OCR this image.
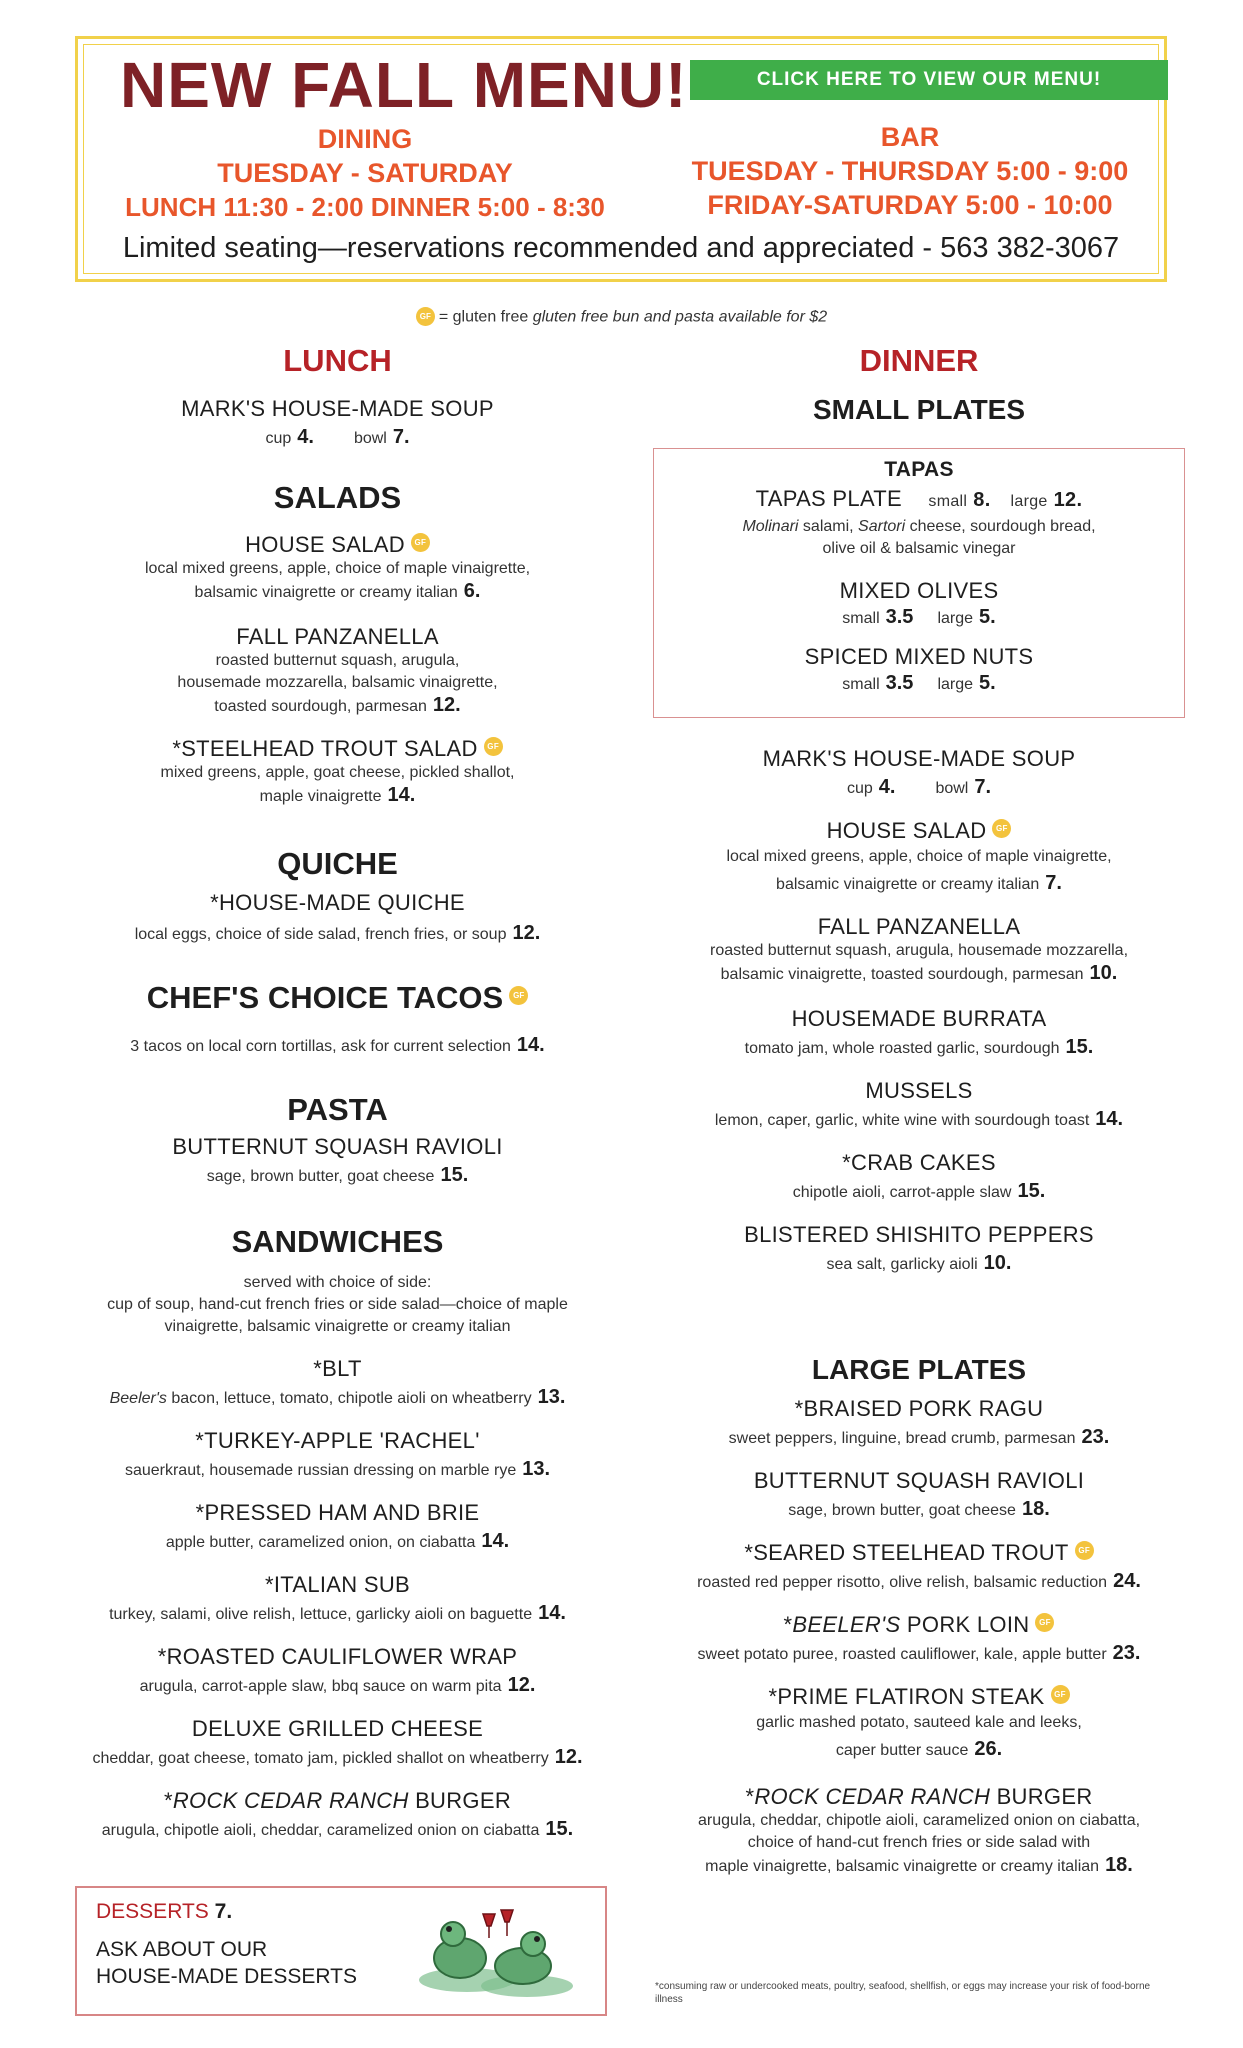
NEW FALL MENU!	CLICK HERE TO VIEW OUR MENU!
DINING
TUESDAY - SATURDAY
LUNCH 11:30 - 2:00 DINNER 5:00 - 8:30
BAR
TUESDAY - THURSDAY 5:00 - 9:00
FRIDAY-SATURDAY 5:00 - 10:00
Limited seating—reservations recommended and appreciated - 563 382-3067
GF = gluten free gluten free bun and pasta available for $2

LUNCH

MARK'S HOUSE-MADE SOUP

cup 4.	bowl 7.

SALADS

HOUSE SALAD GF

local mixed greens, apple, choice of maple vinaigrette,

balsamic vinaigrette or creamy italian 6.

FALL PANZANELLA

roasted butternut squash, arugula,

housemade mozzarella, balsamic vinaigrette,

toasted sourdough, parmesan 12.

*STEELHEAD TROUT SALAD GF

mixed greens, apple, goat cheese, pickled shallot,

maple vinaigrette 14.

QUICHE

*HOUSE-MADE QUICHE

local eggs, choice of side salad, french fries, or soup 12.

CHEF'S CHOICE TACOS GF

3 tacos on local corn tortillas, ask for current selection 14.

PASTA

BUTTERNUT SQUASH RAVIOLI

sage, brown butter, goat cheese 15.

SANDWICHES

served with choice of side:

cup of soup, hand-cut french fries or side salad—choice of maple

vinaigrette, balsamic vinaigrette or creamy italian

*BLT

Beeler's bacon, lettuce, tomato, chipotle aioli on wheatberry 13.

*TURKEY-APPLE 'RACHEL'

sauerkraut, housemade russian dressing on marble rye 13.

*PRESSED HAM AND BRIE

apple butter, caramelized onion, on ciabatta 14.

*ITALIAN SUB

turkey, salami, olive relish, lettuce, garlicky aioli on baguette 14.

*ROASTED CAULIFLOWER WRAP

arugula, carrot-apple slaw, bbq sauce on warm pita 12.

DELUXE GRILLED CHEESE

cheddar, goat cheese, tomato jam, pickled shallot on wheatberry 12.

*ROCK CEDAR RANCH BURGER

arugula, chipotle aioli, cheddar, caramelized onion on ciabatta 15.

DESSERTS 7.
ASK ABOUT OUR
HOUSE-MADE DESSERTS

DINNER

SMALL PLATES

TAPAS

TAPAS PLATE small 8. large 12.

Molinari salami, Sartori cheese, sourdough bread,

olive oil & balsamic vinegar

MIXED OLIVES

small 3.5 large 5.

SPICED MIXED NUTS

small 3.5 large 5.

MARK'S HOUSE-MADE SOUP

cup 4.	bowl 7.

HOUSE SALAD GF

local mixed greens, apple, choice of maple vinaigrette,

balsamic vinaigrette or creamy italian 7.

FALL PANZANELLA

roasted butternut squash, arugula, housemade mozzarella,

balsamic vinaigrette, toasted sourdough, parmesan 10.

HOUSEMADE BURRATA

tomato jam, whole roasted garlic, sourdough 15.

MUSSELS

lemon, caper, garlic, white wine with sourdough toast 14.

*CRAB CAKES

chipotle aioli, carrot-apple slaw 15.

BLISTERED SHISHITO PEPPERS

sea salt, garlicky aioli 10.

LARGE PLATES

*BRAISED PORK RAGU

sweet peppers, linguine, bread crumb, parmesan 23.

BUTTERNUT SQUASH RAVIOLI

sage, brown butter, goat cheese 18.

*SEARED STEELHEAD TROUT GF

roasted red pepper risotto, olive relish, balsamic reduction 24.

*BEELER'S PORK LOIN GF

sweet potato puree, roasted cauliflower, kale, apple butter 23.

*PRIME FLATIRON STEAK GF

garlic mashed potato, sauteed kale and leeks,

caper butter sauce 26.

*ROCK CEDAR RANCH BURGER

arugula, cheddar, chipotle aioli, caramelized onion on ciabatta,

choice of hand-cut french fries or side salad with

maple vinaigrette, balsamic vinaigrette or creamy italian 18.

*consuming raw or undercooked meats, poultry, seafood, shellfish, or eggs may increase your risk of food-borne illness
